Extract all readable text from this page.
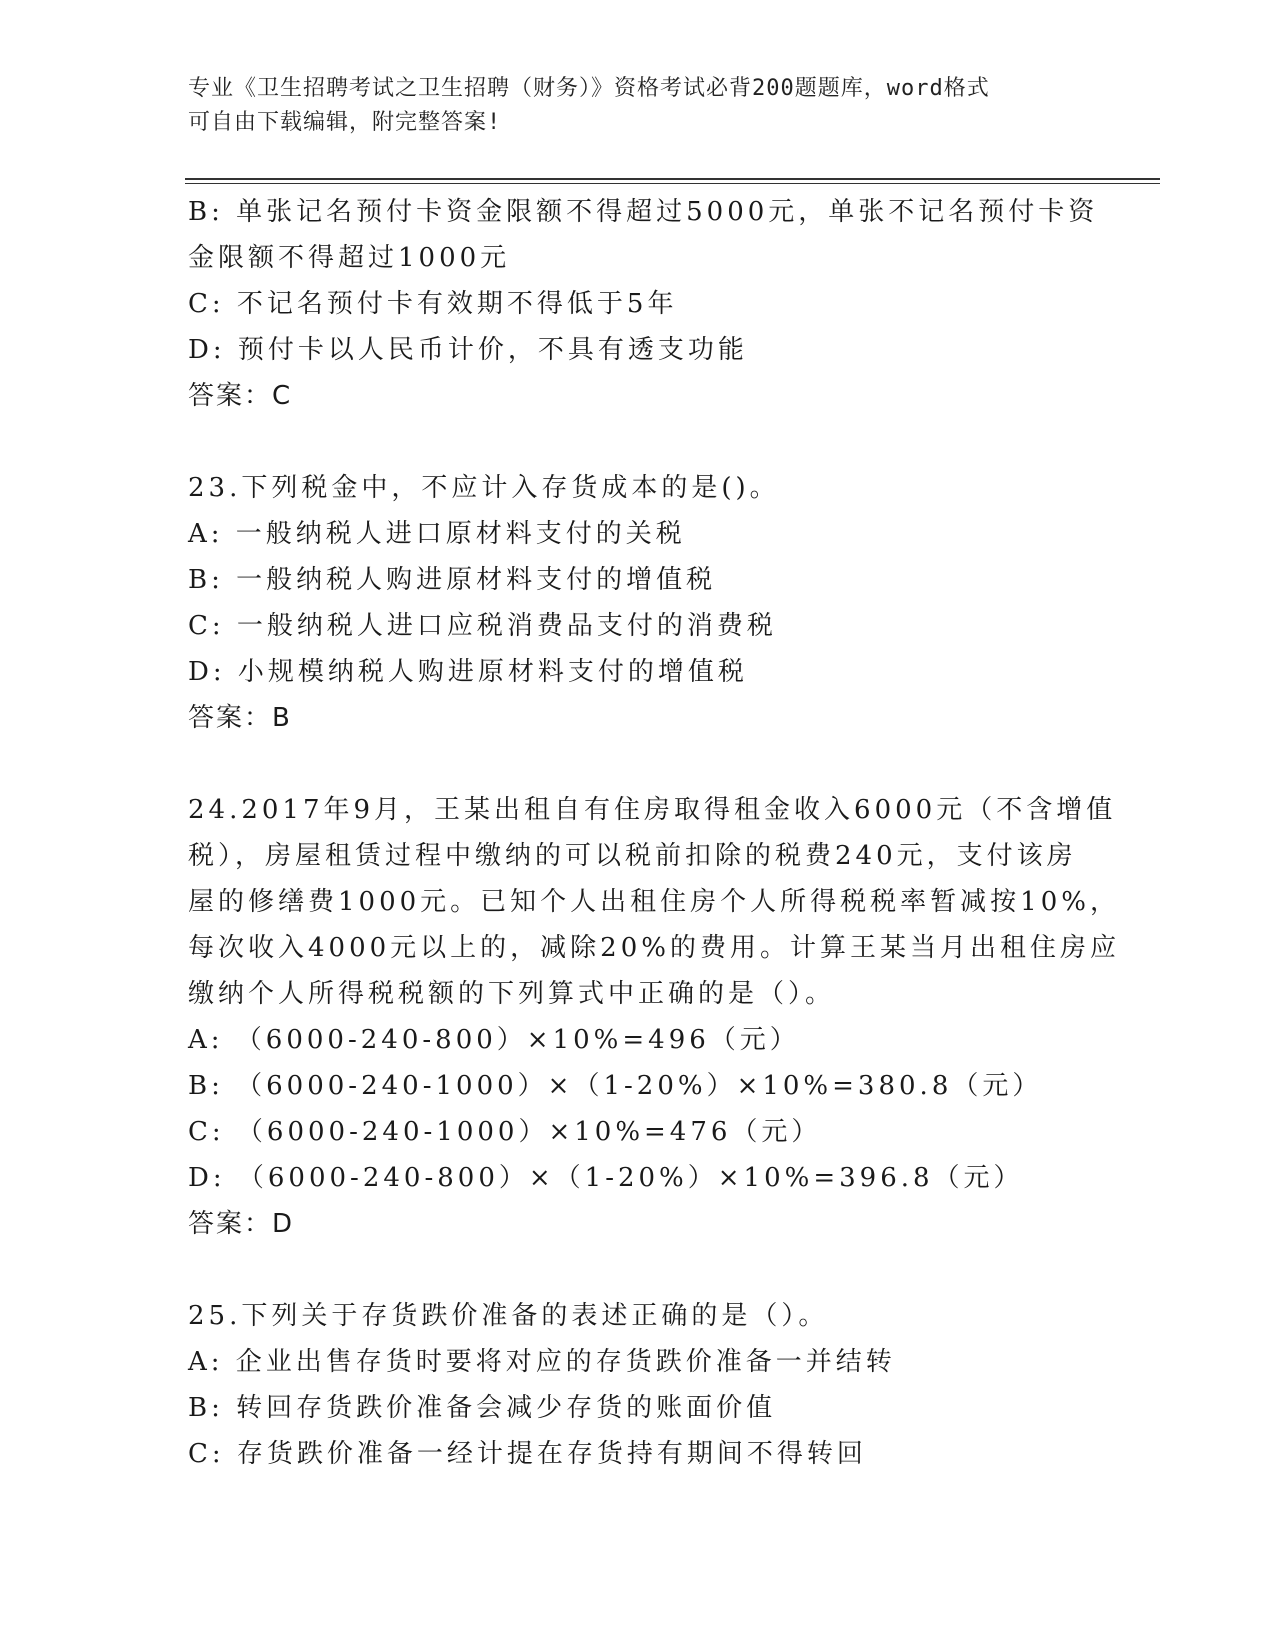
专业《卫生招聘考试之卫生招聘（财务）》资格考试必背200题题库，word格式
可自由下载编辑，附完整答案!
B: 单张记名预付卡资金限额不得超过5000元，单张不记名预付卡资
金限额不得超过1000元
C: 不记名预付卡有效期不得低于5年
D: 预付卡以人民币计价，不具有透支功能
答案：C
23.下列税金中，不应计入存货成本的是()。
A: 一般纳税人进口原材料支付的关税
B: 一般纳税人购进原材料支付的增值税
C: 一般纳税人进口应税消费品支付的消费税
D: 小规模纳税人购进原材料支付的增值税
答案：B
24.2017年9月，王某出租自有住房取得租金收入6000元（不含增值
税），房屋租赁过程中缴纳的可以税前扣除的税费240元，支付该房
屋的修缮费1000元。已知个人出租住房个人所得税税率暂减按10%，
每次收入4000元以上的，减除20%的费用。计算王某当月出租住房应
缴纳个人所得税税额的下列算式中正确的是（）。
A: （6000-240-800）×10%=496（元）
B: （6000-240-1000）×（1-20%）×10%=380.8（元）
C: （6000-240-1000）×10%=476（元）
D: （6000-240-800）×（1-20%）×10%=396.8（元）
答案：D
25.下列关于存货跌价准备的表述正确的是（）。
A: 企业出售存货时要将对应的存货跌价准备一并结转
B: 转回存货跌价准备会减少存货的账面价值
C: 存货跌价准备一经计提在存货持有期间不得转回
